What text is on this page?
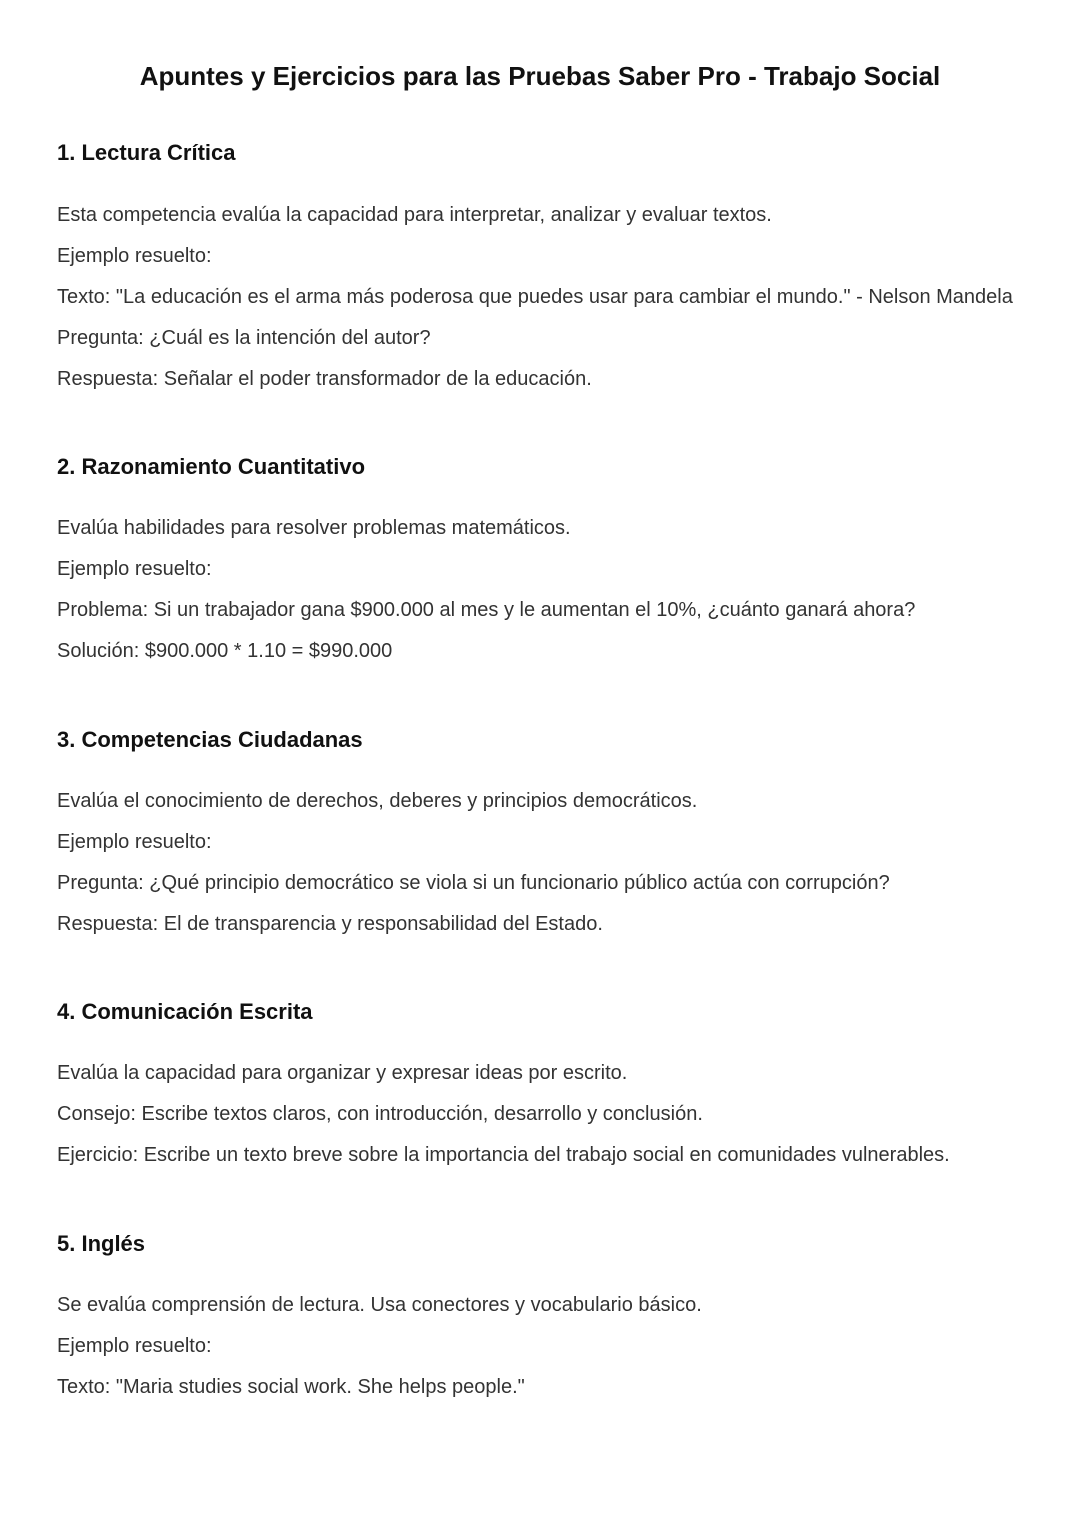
Apuntes y Ejercicios para las Pruebas Saber Pro - Trabajo Social
1. Lectura Crítica
Esta competencia evalúa la capacidad para interpretar, analizar y evaluar textos.
Ejemplo resuelto:
Texto: "La educación es el arma más poderosa que puedes usar para cambiar el mundo." - Nelson Mandela
Pregunta: ¿Cuál es la intención del autor?
Respuesta: Señalar el poder transformador de la educación.
2. Razonamiento Cuantitativo
Evalúa habilidades para resolver problemas matemáticos.
Ejemplo resuelto:
Problema: Si un trabajador gana $900.000 al mes y le aumentan el 10%, ¿cuánto ganará ahora?
Solución: $900.000 * 1.10 = $990.000
3. Competencias Ciudadanas
Evalúa el conocimiento de derechos, deberes y principios democráticos.
Ejemplo resuelto:
Pregunta: ¿Qué principio democrático se viola si un funcionario público actúa con corrupción?
Respuesta: El de transparencia y responsabilidad del Estado.
4. Comunicación Escrita
Evalúa la capacidad para organizar y expresar ideas por escrito.
Consejo: Escribe textos claros, con introducción, desarrollo y conclusión.
Ejercicio: Escribe un texto breve sobre la importancia del trabajo social en comunidades vulnerables.
5. Inglés
Se evalúa comprensión de lectura. Usa conectores y vocabulario básico.
Ejemplo resuelto:
Texto: "Maria studies social work. She helps people."
